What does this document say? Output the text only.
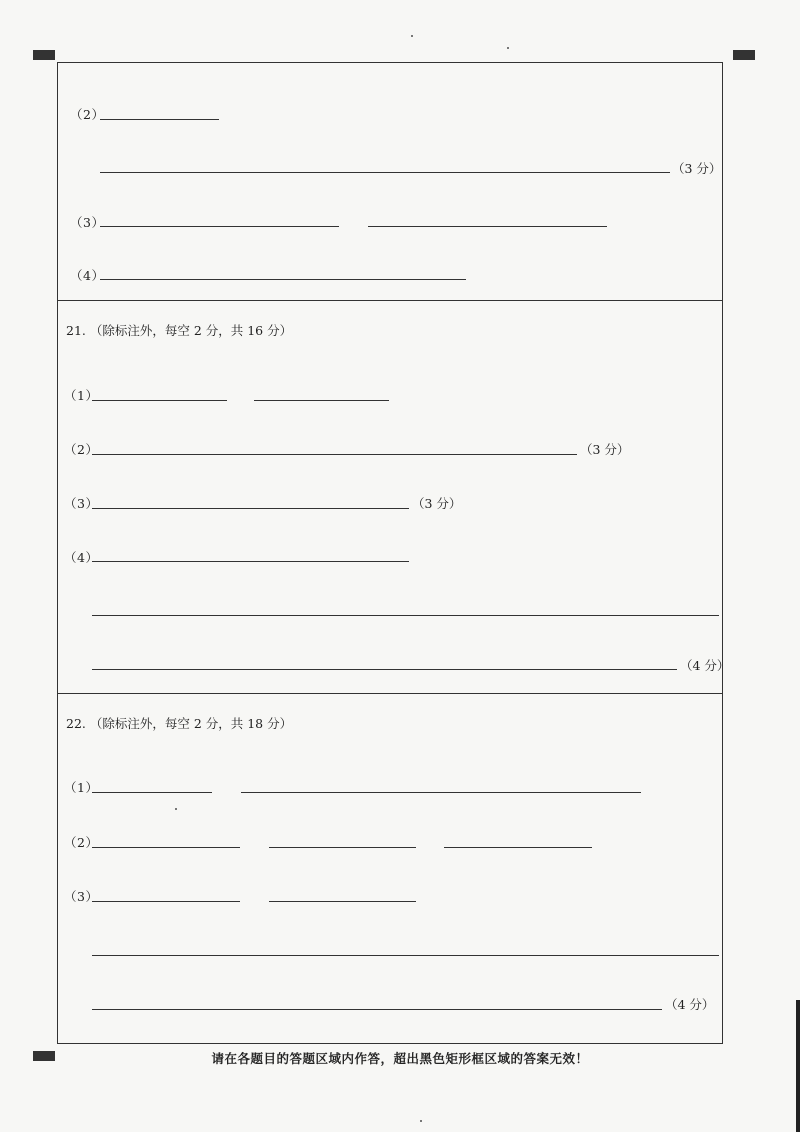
（2）
（3 分）
（3）
（4）
21. （除标注外，每空 2 分，共 16 分）
（1）
（2）	（3 分）
（3）	（3 分）
（4）
（4 分）
22. （除标注外，每空 2 分，共 18 分）
（1）
（2）
（3）
（4 分）
请在各题目的答题区域内作答，超出黑色矩形框区域的答案无效！
